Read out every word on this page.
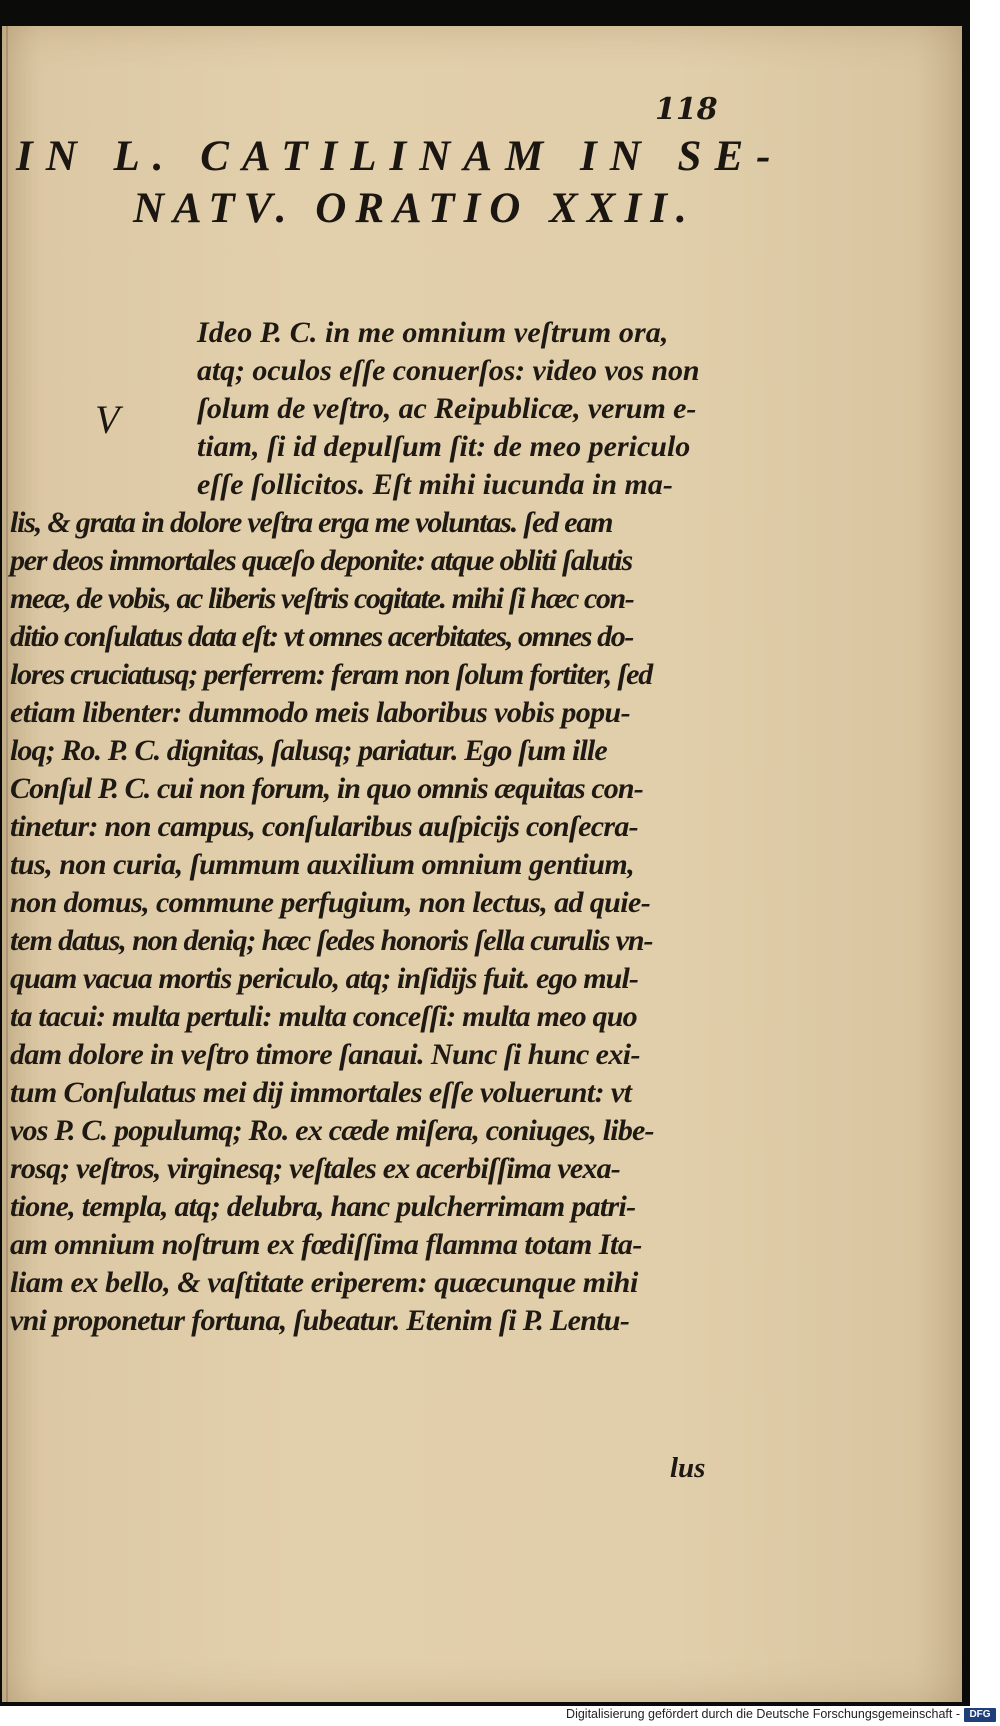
118
IN L. CATILINAM IN SE-
NATV. ORATIO XXII.
V
Ideo P. C. in me omnium veſtrum ora,
atq; oculos eſſe conuerſos: video vos non
ſolum de veſtro, ac Reipublicæ, verum e-
tiam, ſi id depulſum ſit: de meo periculo
eſſe ſollicitos. Eſt mihi iucunda in ma-
lis, & grata in dolore veſtra erga me voluntas. ſed eam
per deos immortales quæſo deponite: atque obliti ſalutis
meæ, de vobis, ac liberis veſtris cogitate. mihi ſi hæc con-
ditio conſulatus data eſt: vt omnes acerbitates, omnes do-
lores cruciatusq; perferrem: feram non ſolum fortiter, ſed
etiam libenter: dummodo meis laboribus vobis popu-
loq; Ro. P. C. dignitas, ſalusq; pariatur. Ego ſum ille
Conſul P. C. cui non forum, in quo omnis æquitas con-
tinetur: non campus, conſularibus auſpicijs conſecra-
tus, non curia, ſummum auxilium omnium gentium,
non domus, commune perfugium, non lectus, ad quie-
tem datus, non deniq; hæc ſedes honoris ſella curulis vn-
quam vacua mortis periculo, atq; inſidijs fuit. ego mul-
ta tacui: multa pertuli: multa conceſſi: multa meo quo
dam dolore in veſtro timore ſanaui. Nunc ſi hunc exi-
tum Conſulatus mei dij immortales eſſe voluerunt: vt
vos P. C. populumq; Ro. ex cæde miſera, coniuges, libe-
rosq; veſtros, virginesq; veſtales ex acerbiſſima vexa-
tione, templa, atq; delubra, hanc pulcherrimam patri-
am omnium noſtrum ex fœdiſſima flamma totam Ita-
liam ex bello, & vaſtitate eriperem: quæcunque mihi
vni proponetur fortuna, ſubeatur. Etenim ſi P. Lentu-
lus
Digitalisierung gefördert durch die Deutsche Forschungsgemeinschaft - DFG
